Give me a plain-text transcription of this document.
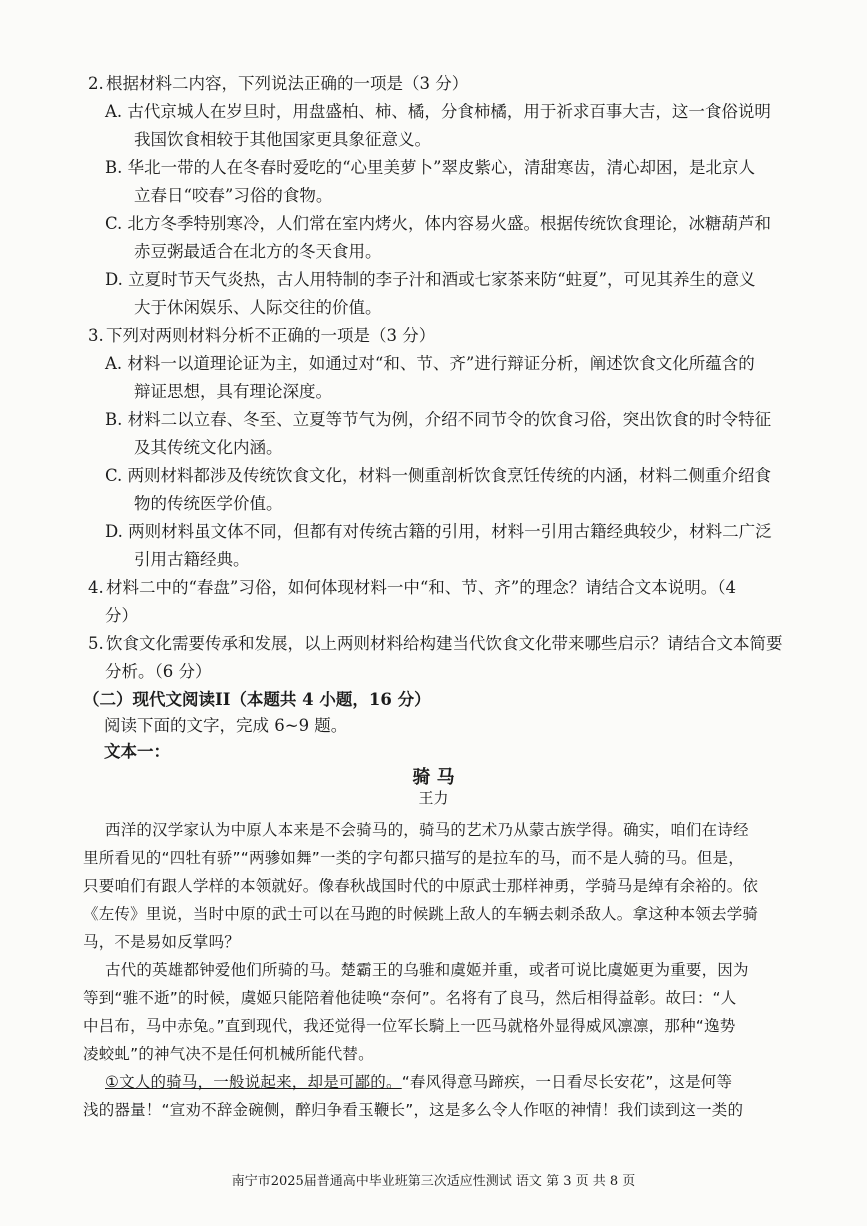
2. 根据材料二内容，下列说法正确的一项是（3 分）
A. 古代京城人在岁旦时，用盘盛柏、柿、橘，分食柿橘，用于祈求百事大吉，这一食俗说明
我国饮食相较于其他国家更具象征意义。
B. 华北一带的人在冬春时爱吃的“心里美萝卜”翠皮紫心，清甜寒齿，清心却困，是北京人
立春日“咬春”习俗的食物。
C. 北方冬季特别寒冷，人们常在室内烤火，体内容易火盛。根据传统饮食理论，冰糖葫芦和
赤豆粥最适合在北方的冬天食用。
D. 立夏时节天气炎热，古人用特制的李子汁和酒或七家茶来防“蛀夏”，可见其养生的意义
大于休闲娱乐、人际交往的价值。
3. 下列对两则材料分析不正确的一项是（3 分）
A. 材料一以道理论证为主，如通过对“和、节、齐”进行辩证分析，阐述饮食文化所蕴含的
辩证思想，具有理论深度。
B. 材料二以立春、冬至、立夏等节气为例，介绍不同节令的饮食习俗，突出饮食的时令特征
及其传统文化内涵。
C. 两则材料都涉及传统饮食文化，材料一侧重剖析饮食烹饪传统的内涵，材料二侧重介绍食
物的传统医学价值。
D. 两则材料虽文体不同，但都有对传统古籍的引用，材料一引用古籍经典较少，材料二广泛
引用古籍经典。
4. 材料二中的“春盘”习俗，如何体现材料一中“和、节、齐”的理念？请结合文本说明。（4
分）
5. 饮食文化需要传承和发展，以上两则材料给构建当代饮食文化带来哪些启示？请结合文本简要
分析。（6 分）
（二）现代文阅读II（本题共 4 小题，16 分）
阅读下面的文字，完成 6~9 题。
文本一：
骑 马
王力
西洋的汉学家认为中原人本来是不会骑马的，骑马的艺术乃从蒙古族学得。确实，咱们在诗经
里所看见的“四牡有骄”“两骖如舞”一类的字句都只描写的是拉车的马，而不是人骑的马。但是，
只要咱们有跟人学样的本领就好。像春秋战国时代的中原武士那样神勇，学骑马是绰有余裕的。依
《左传》里说，当时中原的武士可以在马跑的时候跳上敌人的车辆去刺杀敌人。拿这种本领去学骑
马，不是易如反掌吗？
古代的英雄都钟爱他们所骑的马。楚霸王的乌骓和虞姬并重，或者可说比虞姬更为重要，因为
等到“骓不逝”的时候，虞姬只能陪着他徒唤“奈何”。名将有了良马，然后相得益彰。故曰：“人
中吕布，马中赤兔。”直到现代，我还觉得一位军长騎上一匹马就格外显得威风凛凛，那种“逸势
凌蛟虬”的神气决不是任何机械所能代替。
①文人的骑马，一般说起来，却是可鄙的。“春风得意马蹄疾，一日看尽长安花”，这是何等
浅的器量！“宣劝不辞金碗侧，醉归争看玉鞭长”，这是多么令人作呕的神情！我们读到这一类的
南宁市2025届普通高中毕业班第三次适应性测试 语文 第 3 页 共 8 页
